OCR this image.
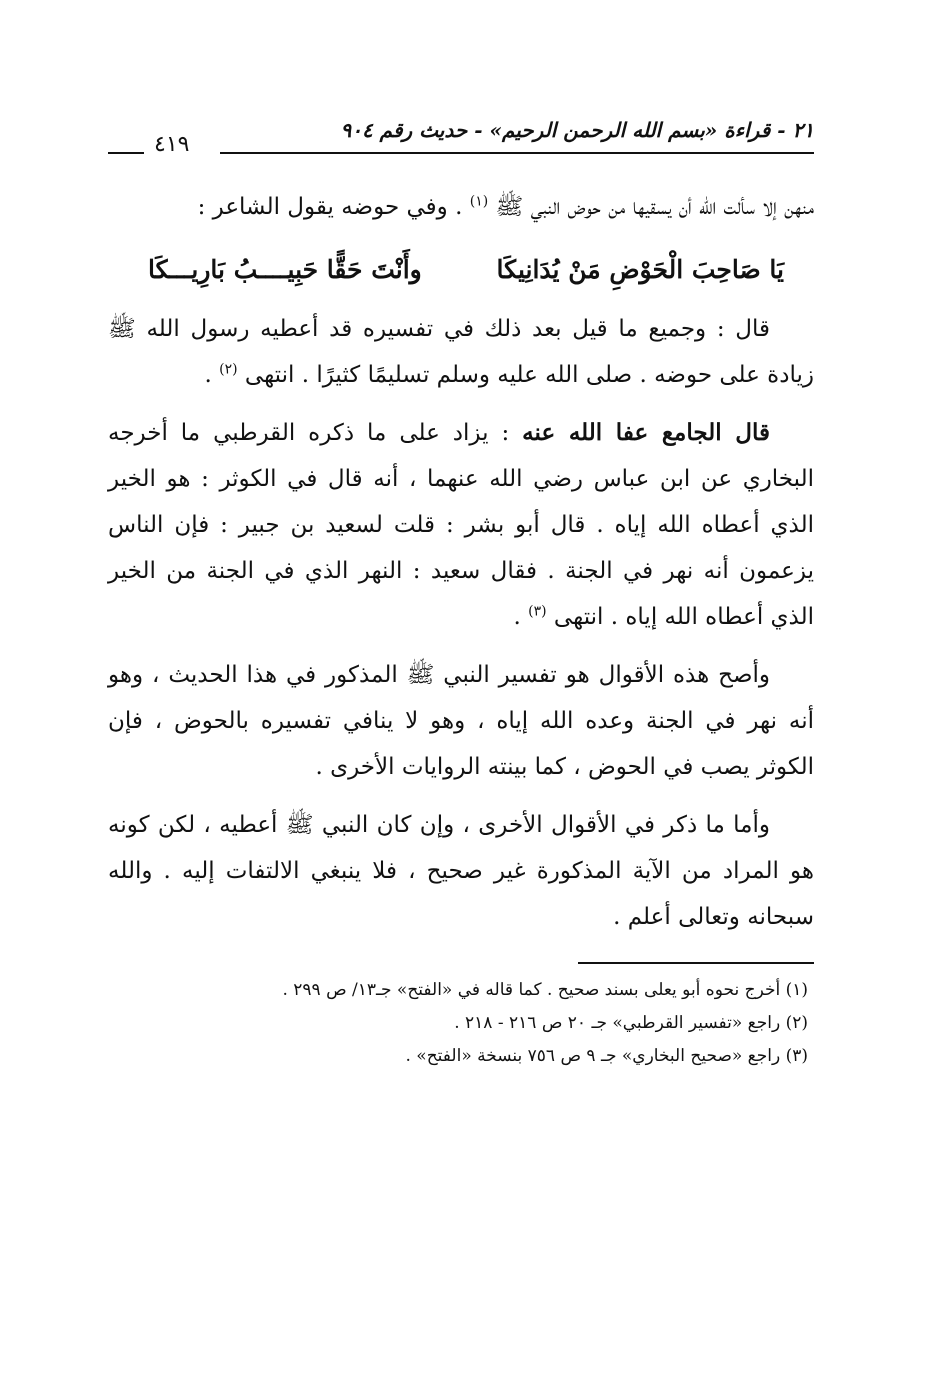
٢١ - قراءة «بسم الله الرحمن الرحيم» - حديث رقم ٩٠٤
٤١٩

منهن إلا سألت الله أن يسقيها من حوض النبي ﷺ $^{(١)}$ . وفي حوضه يقول الشاعر :

يَا صَاحِبَ الْحَوْضِ مَنْ يُدَانِيكَا
وأَنْتَ حَقًّا حَبِيــــبُ بَارِيـــكَا

قال : وجميع ما قيل بعد ذلك في تفسيره قد أعطيه رسول الله ﷺ زيادة على حوضه . صلى الله عليه وسلم تسليمًا كثيرًا . انتهى $^{(٢)}$ .

قال الجامع عفا الله عنه : يزاد على ما ذكره القرطبي ما أخرجه البخاري عن ابن عباس رضي الله عنهما ، أنه قال في الكوثر : هو الخير الذي أعطاه الله إياه . قال أبو بشر : قلت لسعيد بن جبير : فإن الناس يزعمون أنه نهر في الجنة . فقال سعيد : النهر الذي في الجنة من الخير الذي أعطاه الله إياه . انتهى $^{(٣)}$ .

وأصح هذه الأقوال هو تفسير النبي ﷺ المذكور في هذا الحديث ، وهو أنه نهر في الجنة وعده الله إياه ، وهو لا ينافي تفسيره بالحوض ، فإن الكوثر يصب في الحوض ، كما بينته الروايات الأخرى .

وأما ما ذكر في الأقوال الأخرى ، وإن كان النبي ﷺ أعطيه ، لكن كونه هو المراد من الآية المذكورة غير صحيح ، فلا ينبغي الالتفات إليه . والله سبحانه وتعالى أعلم .

(١) أخرج نحوه أبو يعلى بسند صحيح . كما قاله في «الفتح» جـ١٣/ ص ٢٩٩ .
(٢) راجع «تفسير القرطبي» جـ ٢٠ ص ٢١٦ - ٢١٨ .
(٣) راجع «صحيح البخاري» جـ ٩ ص ٧٥٦ بنسخة «الفتح» .
